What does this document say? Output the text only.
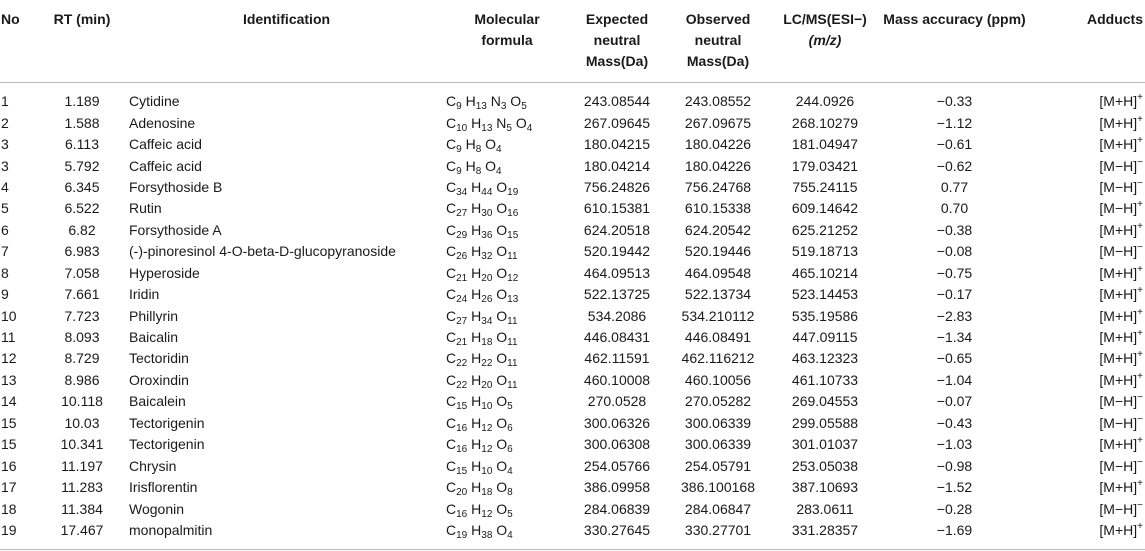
No	RT (min)	Identification	Molecular
formula	Expected
neutral
Mass(Da)	Observed
neutral
Mass(Da)	LC/MS(ESI−)
(m/z)	Mass accuracy (ppm)	Adducts
1	1.189	Cytidine	$C_9$ $H_{13}$ $N_3$ $O_5$	243.08544	243.08552	244.0926	−0.33	[M+H]+
2	1.588	Adenosine	$C_{10}$ $H_{13}$ $N_5$ $O_4$	267.09645	267.09675	268.10279	−1.12	[M+H]+
3	6.113	Caffeic acid	$C_9$ $H_8$ $O_4$	180.04215	180.04226	181.04947	−0.61	[M+H]+
3	5.792	Caffeic acid	$C_9$ $H_8$ $O_4$	180.04214	180.04226	179.03421	−0.62	[M−H]−
4	6.345	Forsythoside B	$C_{34}$ $H_{44}$ $O_{19}$	756.24826	756.24768	755.24115	0.77	[M−H]−
5	6.522	Rutin	$C_{27}$ $H_{30}$ $O_{16}$	610.15381	610.15338	609.14642	0.70	[M−H]+
6	6.82	Forsythoside A	$C_{29}$ $H_{36}$ $O_{15}$	624.20518	624.20542	625.21252	−0.38	[M+H]+
7	6.983	(-)-pinoresinol 4-O-beta-D-glucopyranoside	$C_{26}$ $H_{32}$ $O_{11}$	520.19442	520.19446	519.18713	−0.08	[M−H]−
8	7.058	Hyperoside	$C_{21}$ $H_{20}$ $O_{12}$	464.09513	464.09548	465.10214	−0.75	[M+H]+
9	7.661	Iridin	$C_{24}$ $H_{26}$ $O_{13}$	522.13725	522.13734	523.14453	−0.17	[M+H]+
10	7.723	Phillyrin	$C_{27}$ $H_{34}$ $O_{11}$	534.2086	534.210112	535.19586	−2.83	[M+H]+
11	8.093	Baicalin	$C_{21}$ $H_{18}$ $O_{11}$	446.08431	446.08491	447.09115	−1.34	[M+H]+
12	8.729	Tectoridin	$C_{22}$ $H_{22}$ $O_{11}$	462.11591	462.116212	463.12323	−0.65	[M+H]+
13	8.986	Oroxindin	$C_{22}$ $H_{20}$ $O_{11}$	460.10008	460.10056	461.10733	−1.04	[M+H]+
14	10.118	Baicalein	$C_{15}$ $H_{10}$ $O_5$	270.0528	270.05282	269.04553	−0.07	[M−H]−
15	10.03	Tectorigenin	$C_{16}$ $H_{12}$ $O_6$	300.06326	300.06339	299.05588	−0.43	[M−H]−
15	10.341	Tectorigenin	$C_{16}$ $H_{12}$ $O_6$	300.06308	300.06339	301.01037	−1.03	[M+H]+
16	11.197	Chrysin	$C_{15}$ $H_{10}$ $O_4$	254.05766	254.05791	253.05038	−0.98	[M−H]−
17	11.283	Irisflorentin	$C_{20}$ $H_{18}$ $O_8$	386.09958	386.100168	387.10693	−1.52	[M+H]+
18	11.384	Wogonin	$C_{16}$ $H_{12}$ $O_5$	284.06839	284.06847	283.0611	−0.28	[M−H]−
19	17.467	monopalmitin	$C_{19}$ $H_{38}$ $O_4$	330.27645	330.27701	331.28357	−1.69	[M+H]+
